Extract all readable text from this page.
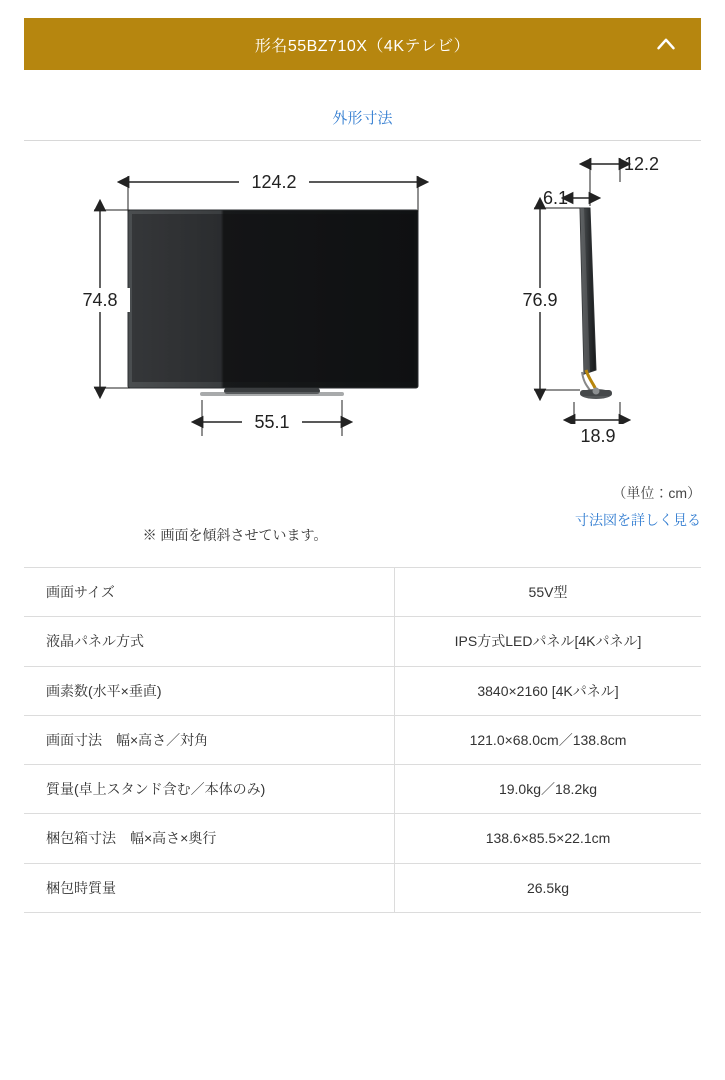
形名55BZ710X（4Kテレビ）
外形寸法
124.2
74.8
55.1
12.2
6.1
76.9
18.9
（単位：cm）
寸法図を詳しく見る
※ 画面を傾斜させています。
画面サイズ	55V型
液晶パネル方式	IPS方式LEDパネル[4Kパネル]
画素数(水平×垂直)	3840×2160 [4Kパネル]
画面寸法　幅×高さ／対角	121.0×68.0cm／138.8cm
質量(卓上スタンド含む／本体のみ)	19.0kg／18.2kg
梱包箱寸法　幅×高さ×奥行	138.6×85.5×22.1cm
梱包時質量	26.5kg
